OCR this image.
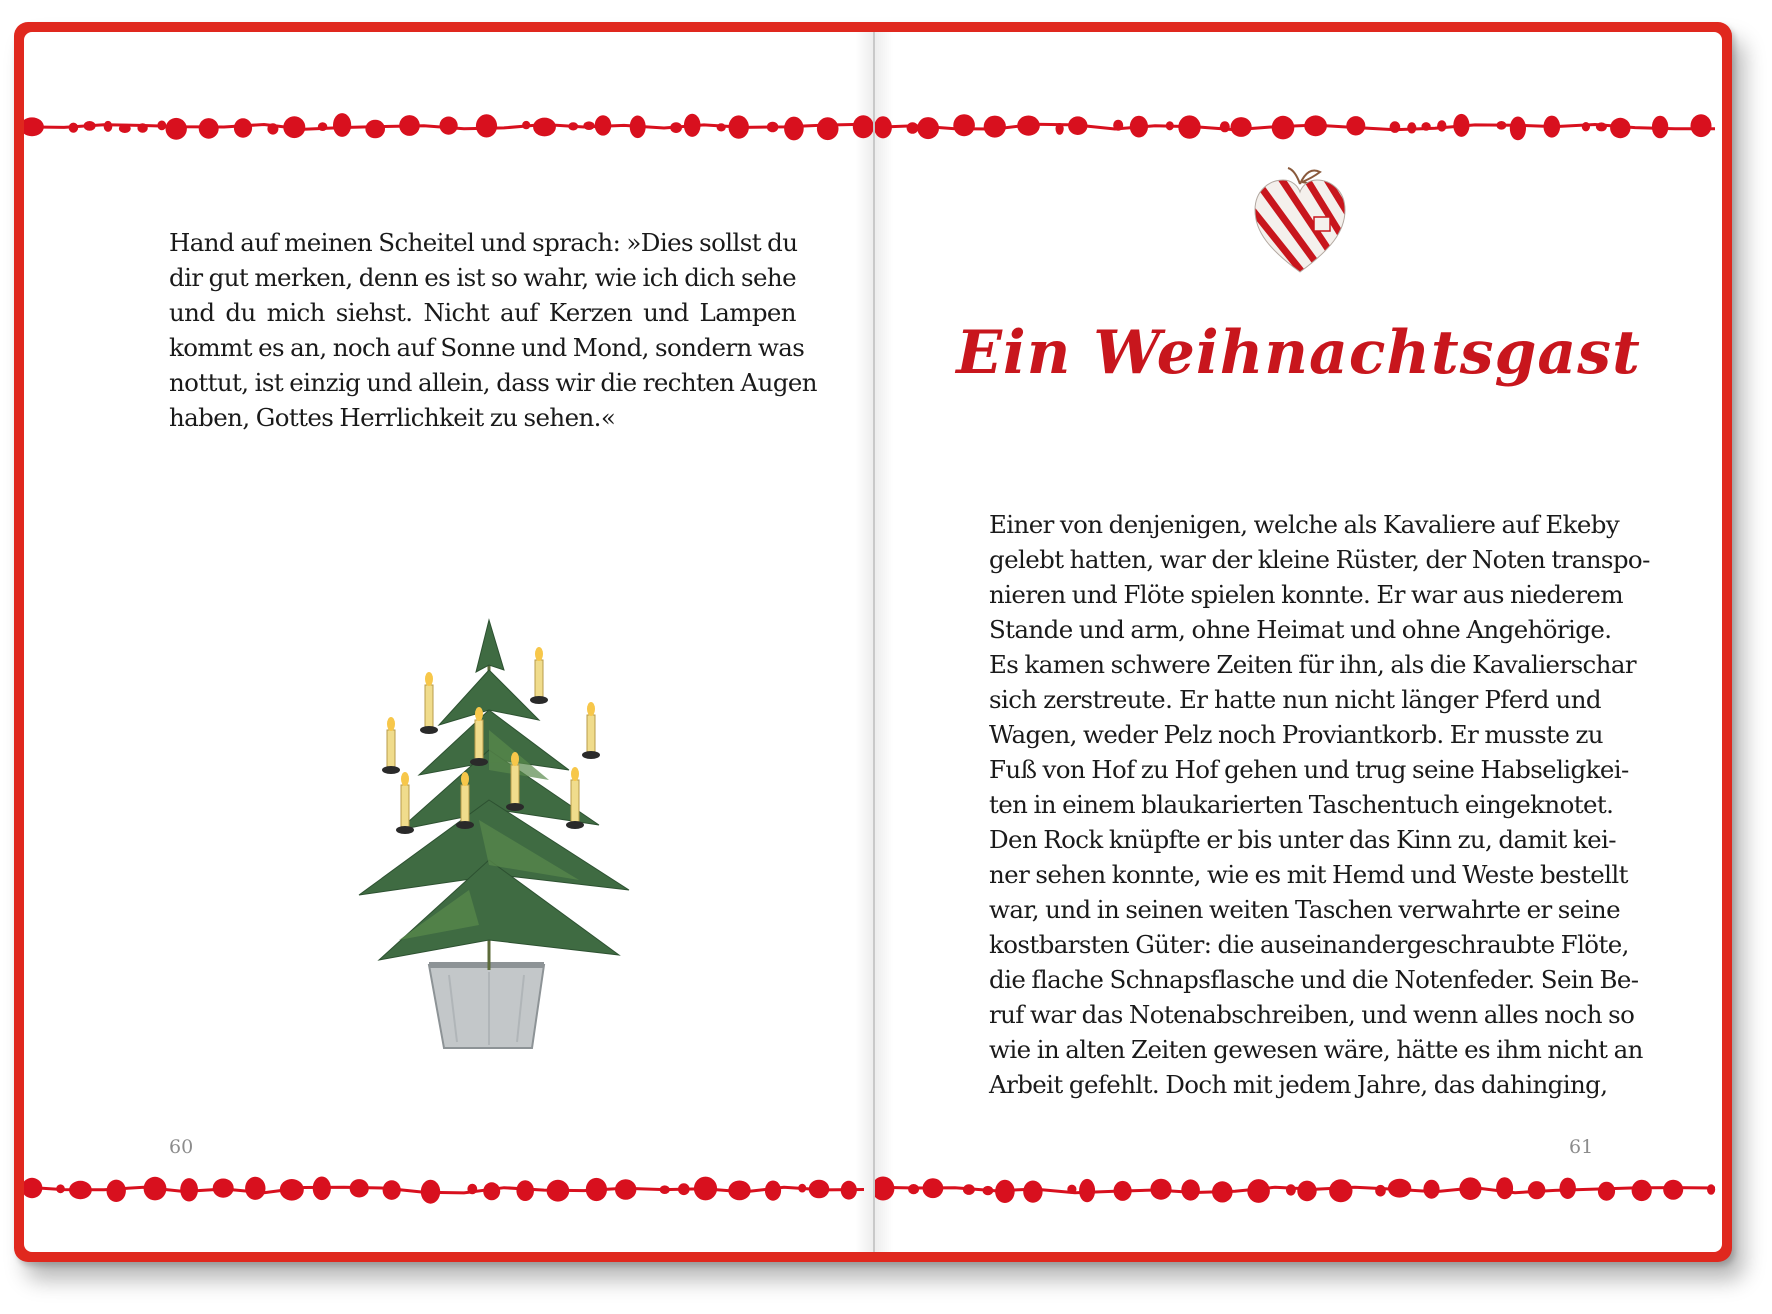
Hand auf meinen Scheitel und sprach: »Dies sollst du
dir gut merken, denn es ist so wahr, wie ich dich sehe
und du mich siehst. Nicht auf Kerzen und Lampen
kommt es an, noch auf Sonne und Mond, sondern was
nottut, ist einzig und allein, dass wir die rechten Augen
haben, Gottes Herrlichkeit zu sehen.«
60
Ein Weihnachtsgast
Einer von denjenigen, welche als Kavaliere auf Ekeby
gelebt hatten, war der kleine Rüster, der Noten transpo-
nieren und Flöte spielen konnte. Er war aus niederem
Stande und arm, ohne Heimat und ohne Angehörige.
Es kamen schwere Zeiten für ihn, als die Kavalierschar
sich zerstreute. Er hatte nun nicht länger Pferd und
Wagen, weder Pelz noch Proviantkorb. Er musste zu
Fuß von Hof zu Hof gehen und trug seine Habseligkei-
ten in einem blaukarierten Taschentuch eingeknotet.
Den Rock knüpfte er bis unter das Kinn zu, damit kei-
ner sehen konnte, wie es mit Hemd und Weste bestellt
war, und in seinen weiten Taschen verwahrte er seine
kostbarsten Güter: die auseinandergeschraubte Flöte,
die flache Schnapsflasche und die Notenfeder. Sein Be-
ruf war das Notenabschreiben, und wenn alles noch so
wie in alten Zeiten gewesen wäre, hätte es ihm nicht an
Arbeit gefehlt. Doch mit jedem Jahre, das dahinging,
61
